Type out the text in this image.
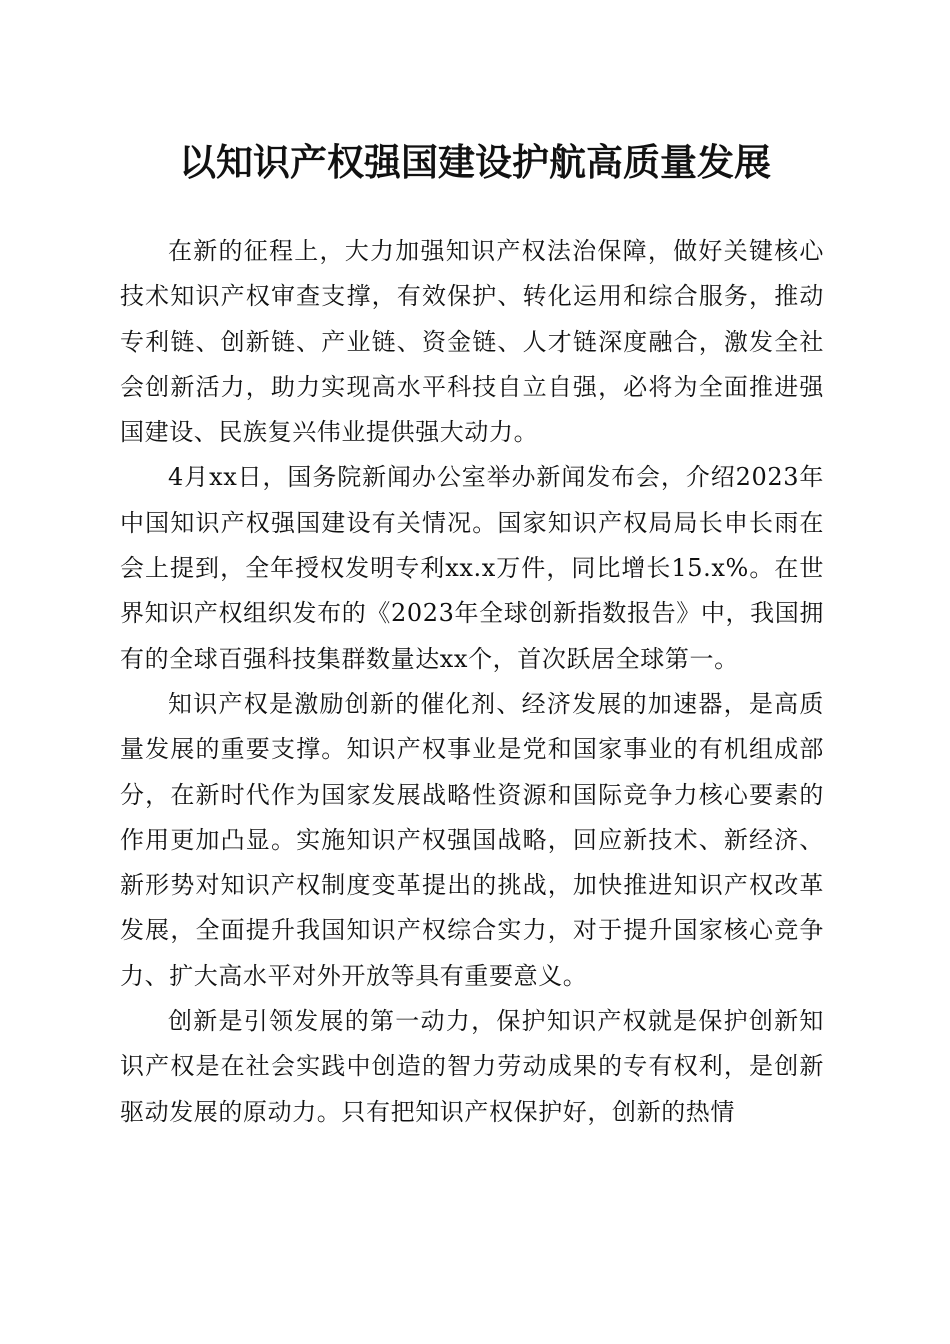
以知识产权强国建设护航高质量发展

在新的征程上，大力加强知识产权法治保障，做好关键核心技术知识产权审查支撑，有效保护、转化运用和综合服务，推动专利链、创新链、产业链、资金链、人才链深度融合，激发全社会创新活力，助力实现高水平科技自立自强，必将为全面推进强国建设、民族复兴伟业提供强大动力。

4月xx日，国务院新闻办公室举办新闻发布会，介绍2023年中国知识产权强国建设有关情况。国家知识产权局局长申长雨在会上提到，全年授权发明专利xx.x万件，同比增长15.x%。在世界知识产权组织发布的《2023年全球创新指数报告》中，我国拥有的全球百强科技集群数量达xx个，首次跃居全球第一。

知识产权是激励创新的催化剂、经济发展的加速器，是高质量发展的重要支撑。知识产权事业是党和国家事业的有机组成部分，在新时代作为国家发展战略性资源和国际竞争力核心要素的作用更加凸显。实施知识产权强国战略，回应新技术、新经济、新形势对知识产权制度变革提出的挑战，加快推进知识产权改革发展，全面提升我国知识产权综合实力，对于提升国家核心竞争力、扩大高水平对外开放等具有重要意义。

创新是引领发展的第一动力，保护知识产权就是保护创新知识产权是在社会实践中创造的智力劳动成果的专有权利，是创新驱动发展的原动力。只有把知识产权保护好，创新的热情
